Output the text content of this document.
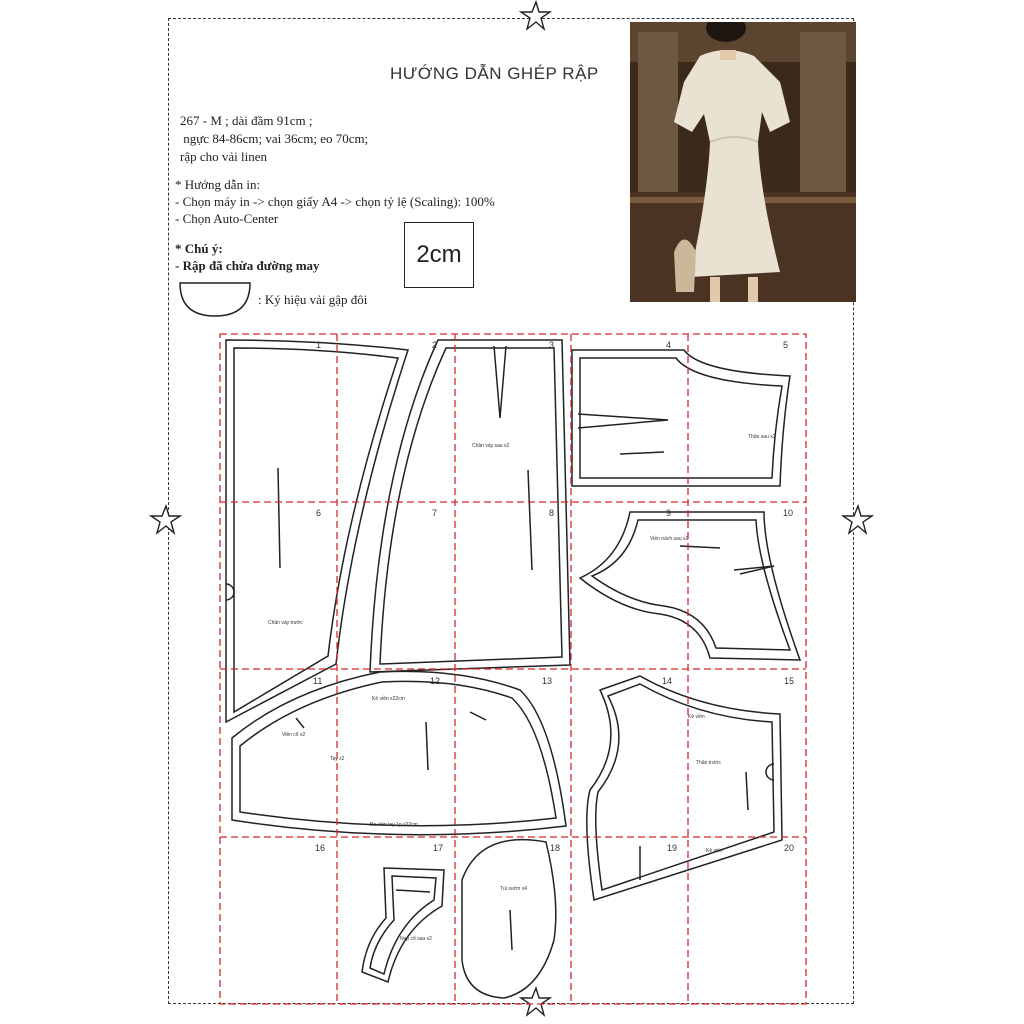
HƯỚNG DẪN GHÉP RẬP
267 - M ; dài đầm 91cm ;
ngực 84-86cm; vai 36cm; eo 70cm;
rập cho vải linen
* Hướng dẫn in:
- Chọn máy in -> chọn giấy A4 -> chọn tỷ lệ (Scaling): 100%
- Chọn Auto-Center
* Chú ý:
- Rập đã chừa đường may	2cm
: Ký hiệu vải gập đôi
Chân váy sau x2
Chân váy trước
Thân sau x2
Viền nách sau x2
Tay x2
Kẻ viền x22cm
Bo viền tay 1p x27cm
Viền cổ x2
Thân trước
Kẻ viền
Kẻ viền
Túi sườn x4
Nẹp cổ sau x2
1	2	3	4	5
6	7	8	9	10
11	12	13	14	15
16	17	18	19	20
